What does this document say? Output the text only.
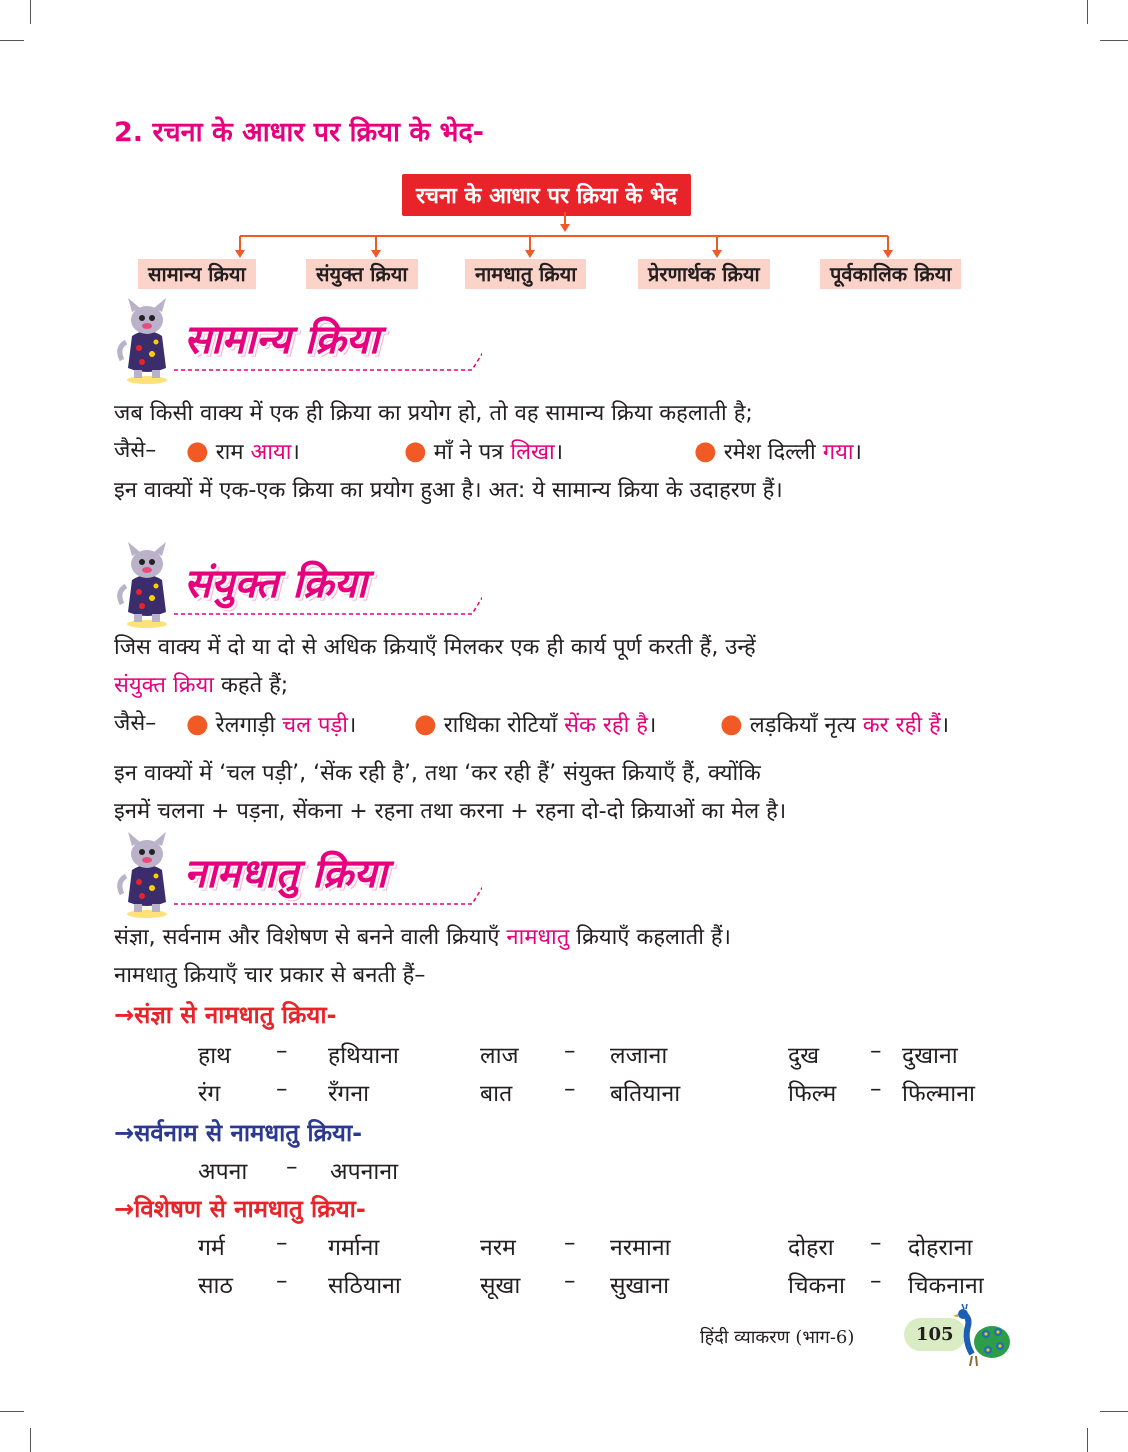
2. रचना के आधार पर क्रिया के भेद-
रचना के आधार पर क्रिया के भेद
सामान्य क्रिया	संयुक्त क्रिया	नामधातु क्रिया	प्रेरणार्थक क्रिया	पूर्वकालिक क्रिया
सामान्य क्रिया
जब किसी वाक्य में एक ही क्रिया का प्रयोग हो, तो वह सामान्य क्रिया कहलाती है;
जैसे– ● राम आया।	● माँ ने पत्र लिखा।	● रमेश दिल्ली गया।
इन वाक्यों में एक-एक क्रिया का प्रयोग हुआ है। अत: ये सामान्य क्रिया के उदाहरण हैं।
संयुक्त क्रिया
जिस वाक्य में दो या दो से अधिक क्रियाएँ मिलकर एक ही कार्य पूर्ण करती हैं, उन्हें
संयुक्त क्रिया कहते हैं;
जैसे– ● रेलगाड़ी चल पड़ी। ● राधिका रोटियाँ सेंक रही है। ● लड़कियाँ नृत्य कर रही हैं।
इन वाक्यों में ‘चल पड़ी’, ‘सेंक रही है’, तथा ‘कर रही हैं’ संयुक्त क्रियाएँ हैं, क्योंकि
इनमें चलना + पड़ना, सेंकना + रहना तथा करना + रहना दो-दो क्रियाओं का मेल है।
नामधातु क्रिया
संज्ञा, सर्वनाम और विशेषण से बनने वाली क्रियाएँ नामधातु क्रियाएँ कहलाती हैं।
नामधातु क्रियाएँ चार प्रकार से बनती हैं–
→संज्ञा से नामधातु क्रिया-
हाथ – हथियाना	लाज – लजाना	दुख – दुखाना
रंग – रँगना	बात – बतियाना	फिल्म – फिल्माना
→सर्वनाम से नामधातु क्रिया-
अपना – अपनाना
→विशेषण से नामधातु क्रिया-
गर्म – गर्माना	नरम – नरमाना	दोहरा – दोहराना
साठ – सठियाना	सूखा – सुखाना	चिकना – चिकनाना
हिंदी व्याकरण (भाग-6)	105
